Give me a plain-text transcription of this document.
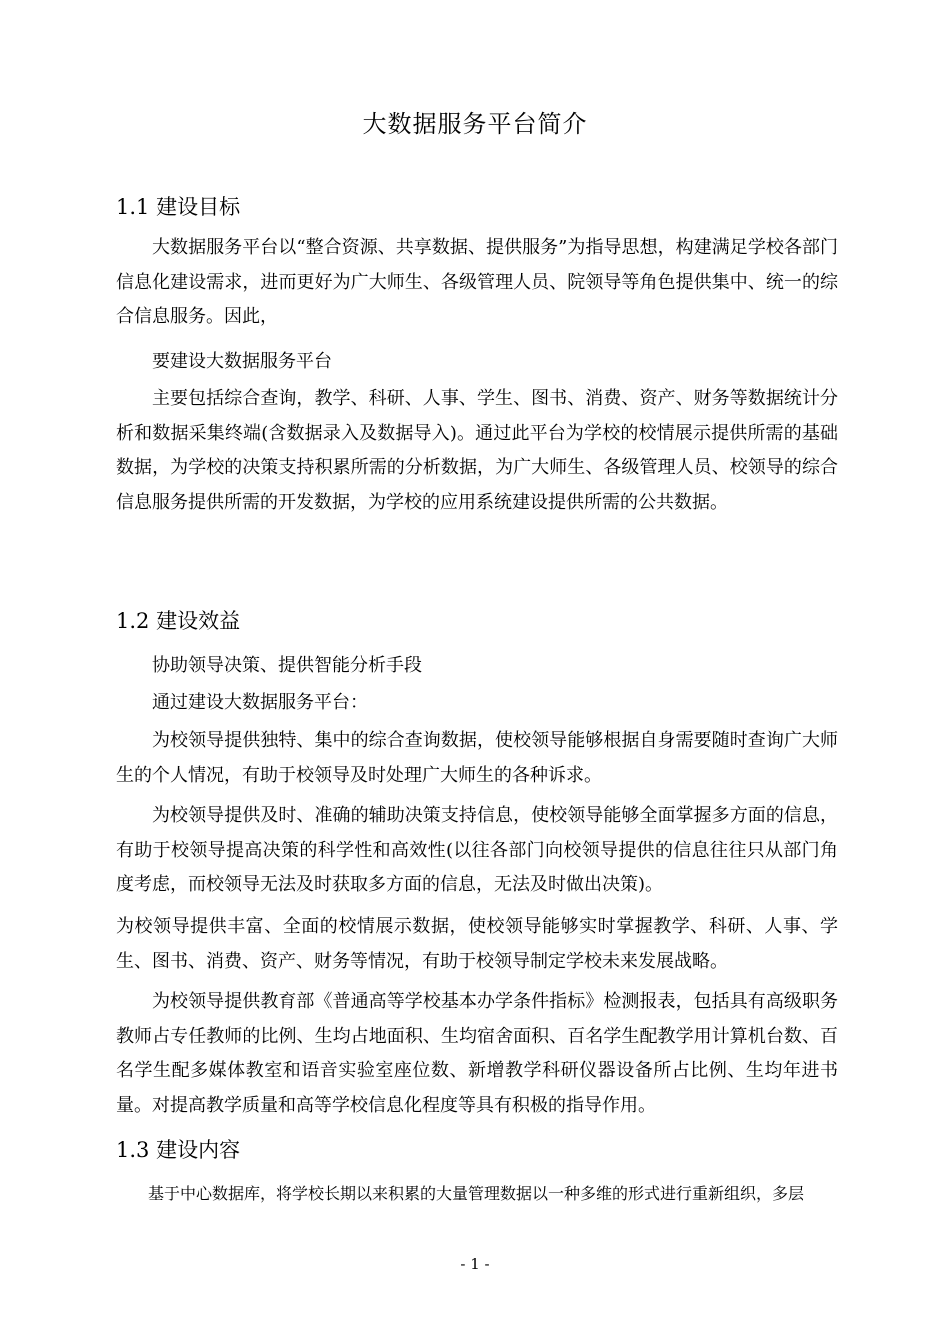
大数据服务平台简介
1.1 建设目标

大数据服务平台以“整合资源、共享数据、提供服务”为指导思想，构建满足学校各部门信息化建设需求，进而更好为广大师生、各级管理人员、院领导等角色提供集中、统一的综合信息服务。因此，

要建设大数据服务平台

主要包括综合查询，教学、科研、人事、学生、图书、消费、资产、财务等数据统计分析和数据采集终端(含数据录入及数据导入)。通过此平台为学校的校情展示提供所需的基础数据，为学校的决策支持积累所需的分析数据，为广大师生、各级管理人员、校领导的综合信息服务提供所需的开发数据，为学校的应用系统建设提供所需的公共数据。

1.2 建设效益

协助领导决策、提供智能分析手段

通过建设大数据服务平台：

为校领导提供独特、集中的综合查询数据，使校领导能够根据自身需要随时查询广大师生的个人情况，有助于校领导及时处理广大师生的各种诉求。

为校领导提供及时、准确的辅助决策支持信息，使校领导能够全面掌握多方面的信息，有助于校领导提高决策的科学性和高效性(以往各部门向校领导提供的信息往往只从部门角度考虑，而校领导无法及时获取多方面的信息，无法及时做出决策)。

为校领导提供丰富、全面的校情展示数据，使校领导能够实时掌握教学、科研、人事、学生、图书、消费、资产、财务等情况，有助于校领导制定学校未来发展战略。

为校领导提供教育部《普通高等学校基本办学条件指标》检测报表，包括具有高级职务教师占专任教师的比例、生均占地面积、生均宿舍面积、百名学生配教学用计算机台数、百名学生配多媒体教室和语音实验室座位数、新增教学科研仪器设备所占比例、生均年进书量。对提高教学质量和高等学校信息化程度等具有积极的指导作用。

1.3 建设内容

基于中心数据库，将学校长期以来积累的大量管理数据以一种多维的形式进行重新组织，多层

- 1 -
